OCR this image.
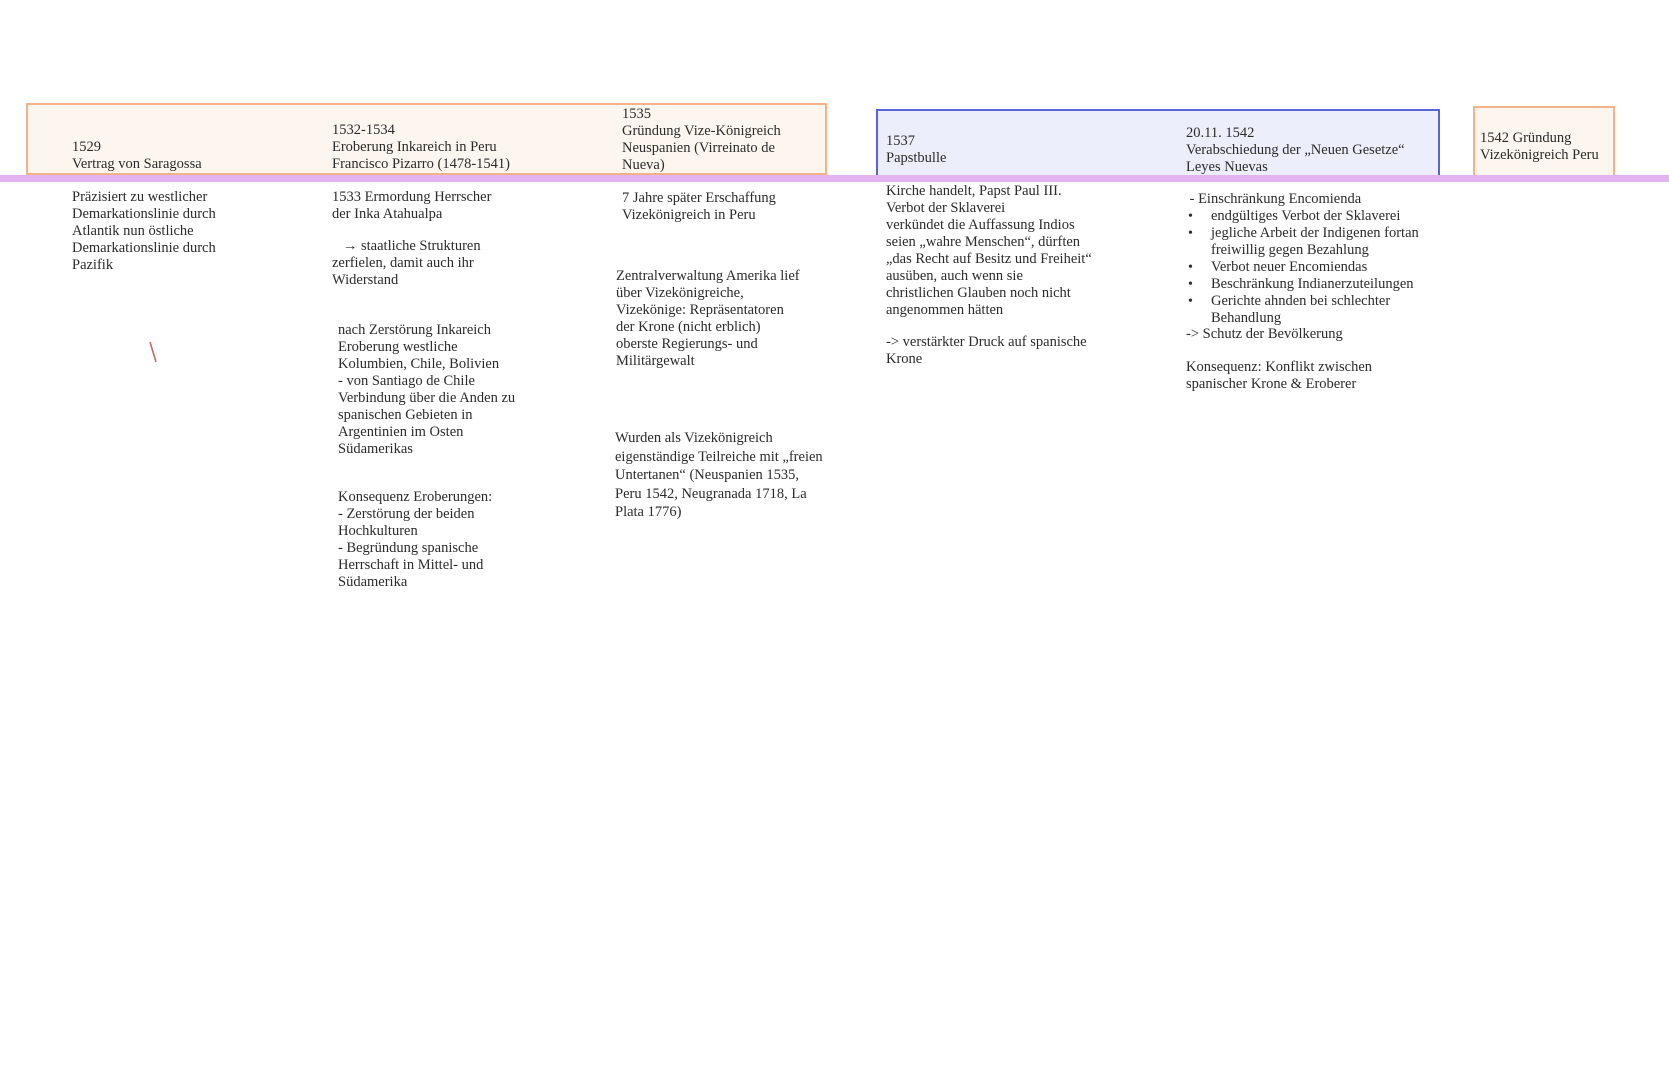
1529
Vertrag von Saragossa
Präzisiert zu westlicher
Demarkationslinie durch
Atlantik nun östliche
Demarkationslinie durch
Pazifik
1532-1534
Eroberung Inkareich in Peru
Francisco Pizarro (1478-1541)
1533 Ermordung Herrscher
der Inka Atahualpa
→ staatliche Strukturen
zerfielen, damit auch ihr
Widerstand
nach Zerstörung Inkareich
Eroberung westliche
Kolumbien, Chile, Bolivien
- von Santiago de Chile
Verbindung über die Anden zu
spanischen Gebieten in
Argentinien im Osten
Südamerikas
Konsequenz Eroberungen:
- Zerstörung der beiden
Hochkulturen
- Begründung spanische
Herrschaft in Mittel- und
Südamerika
1535
Gründung Vize-Königreich
Neuspanien (Virreinato de
Nueva)
7 Jahre später Erschaffung
Vizekönigreich in Peru
Zentralverwaltung Amerika lief
über Vizekönigreiche,
Vizekönige: Repräsentatoren
der Krone (nicht erblich)
oberste Regierungs- und
Militärgewalt
Wurden als Vizekönigreich
eigenständige Teilreiche mit „freien
Untertanen“ (Neuspanien 1535,
Peru 1542, Neugranada 1718, La
Plata 1776)
1537
Papstbulle
Kirche handelt, Papst Paul III.
Verbot der Sklaverei
verkündet die Auffassung Indios
seien „wahre Menschen“, dürften
„das Recht auf Besitz und Freiheit“
ausüben, auch wenn sie
christlichen Glauben noch nicht
angenommen hätten
-> verstärkter Druck auf spanische
Krone
20.11. 1542
Verabschiedung der „Neuen Gesetze“
Leyes Nuevas
- Einschränkung Encomienda
• endgültiges Verbot der Sklaverei
• jegliche Arbeit der Indigenen fortan
freiwillig gegen Bezahlung
• Verbot neuer Encomiendas
• Beschränkung Indianerzuteilungen
• Gerichte ahnden bei schlechter
Behandlung
-> Schutz der Bevölkerung
Konsequenz: Konflikt zwischen
spanischer Krone & Eroberer
1542 Gründung
Vizekönigreich Peru
